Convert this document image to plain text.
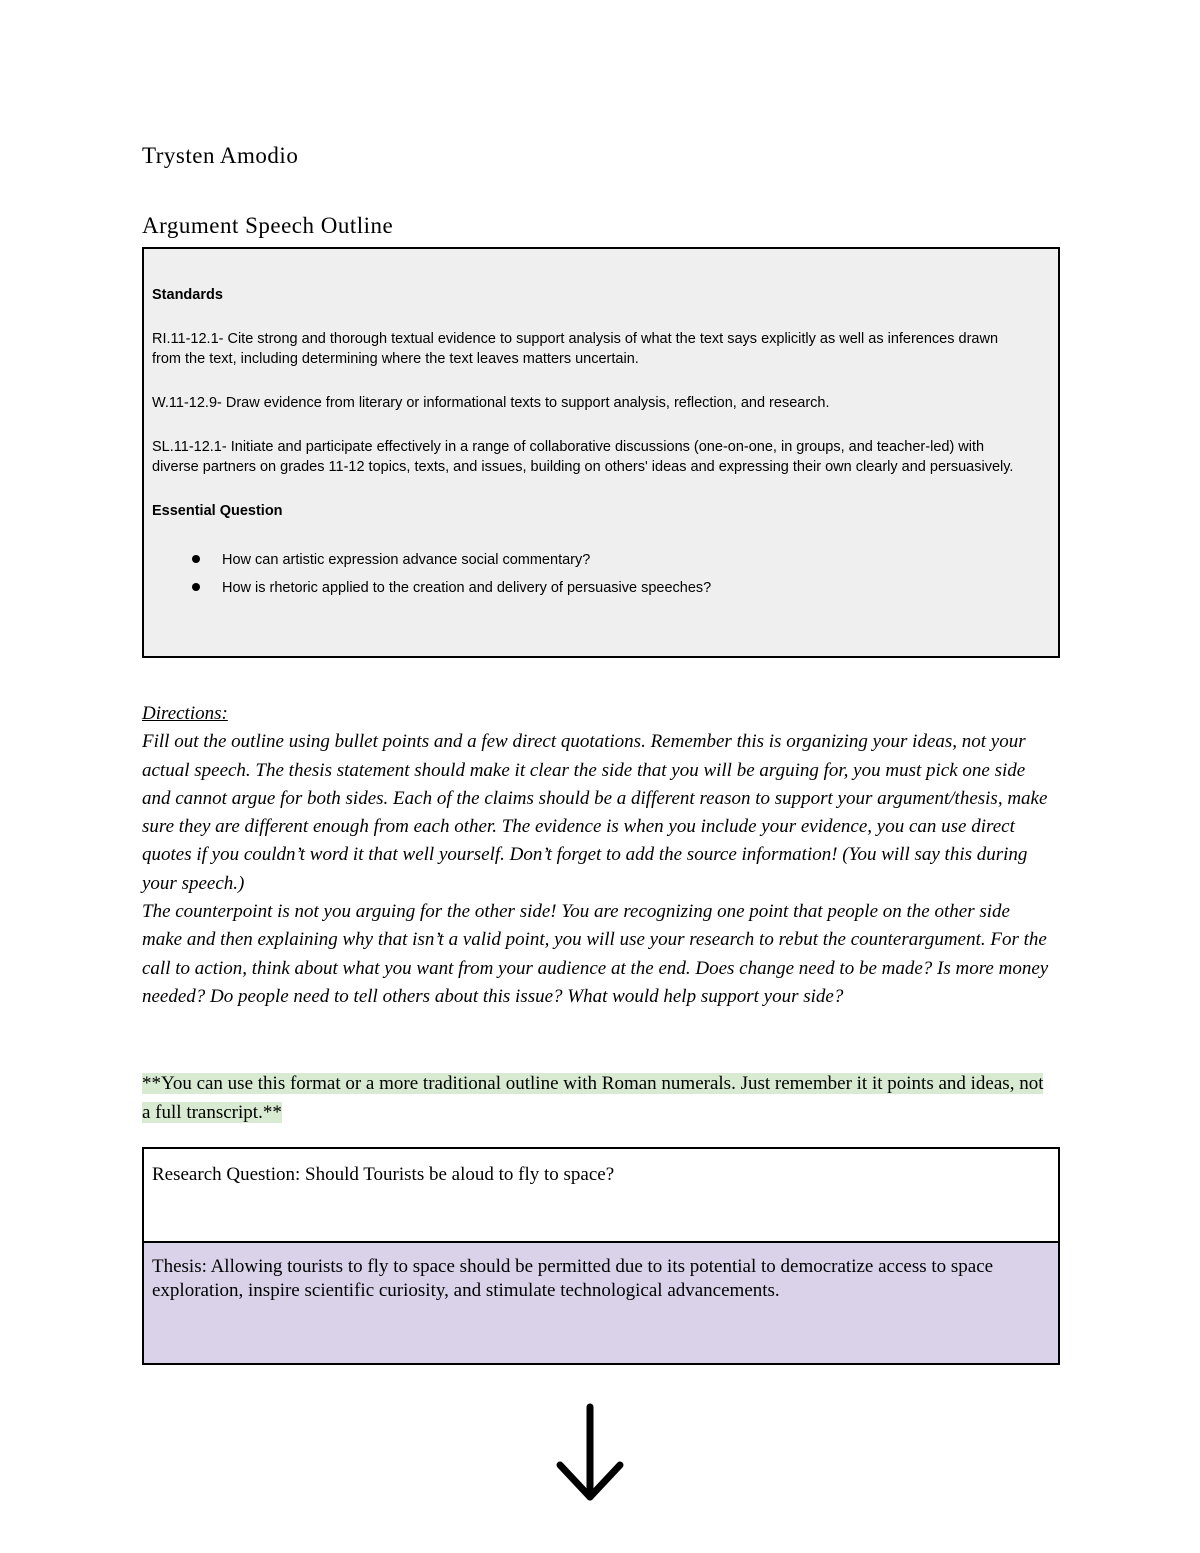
Trysten Amodio
Argument Speech Outline
Standards

RI.11-12.1- Cite strong and thorough textual evidence to support analysis of what the text says explicitly as well as inferences drawn from the text, including determining where the text leaves matters uncertain.

W.11-12.9- Draw evidence from literary or informational texts to support analysis, reflection, and research.

SL.11-12.1- Initiate and participate effectively in a range of collaborative discussions (one-on-one, in groups, and teacher-led) with diverse partners on grades 11-12 topics, texts, and issues, building on others' ideas and expressing their own clearly and persuasively.

Essential Question
How can artistic expression advance social commentary?
How is rhetoric applied to the creation and delivery of persuasive speeches?
Directions:

Fill out the outline using bullet points and a few direct quotations. Remember this is organizing your ideas, not your actual speech. The thesis statement should make it clear the side that you will be arguing for, you must pick one side and cannot argue for both sides. Each of the claims should be a different reason to support your argument/thesis, make sure they are different enough from each other. The evidence is when you include your evidence, you can use direct quotes if you couldn’t word it that well yourself. Don’t forget to add the source information! (You will say this during your speech.)

The counterpoint is not you arguing for the other side! You are recognizing one point that people on the other side make and then explaining why that isn’t a valid point, you will use your research to rebut the counterargument. For the call to action, think about what you want from your audience at the end. Does change need to be made? Is more money needed? Do people need to tell others about this issue? What would help support your side?

**You can use this format or a more traditional outline with Roman numerals. Just remember it it points and ideas, not a full transcript.**
Research Question: Should Tourists be aloud to fly to space?
Thesis: Allowing tourists to fly to space should be permitted due to its potential to democratize access to space exploration, inspire scientific curiosity, and stimulate technological advancements.
